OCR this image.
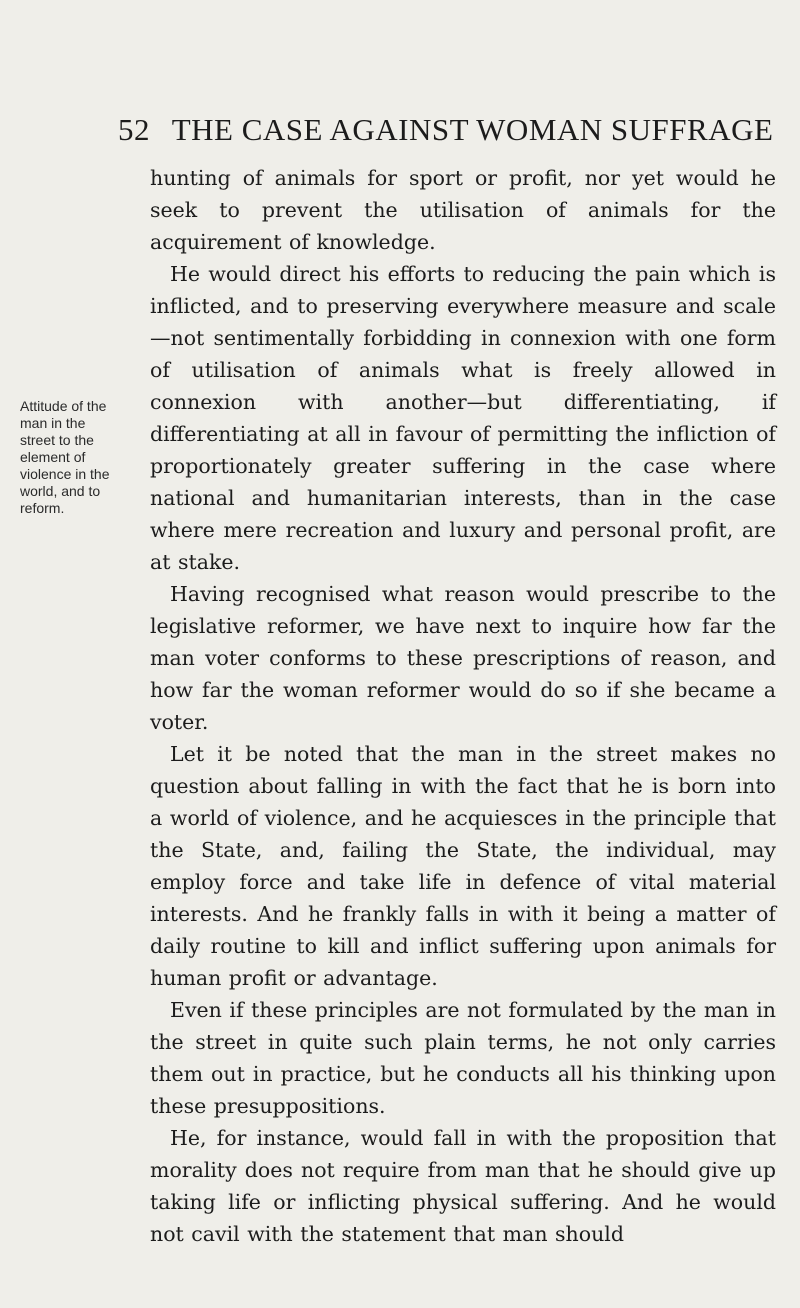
52 THE CASE AGAINST WOMAN SUFFRAGE
Attitude of the man in the street to the element of violence in the world, and to reform.

hunting of animals for sport or profit, nor yet would he seek to prevent the utilisation of animals for the acquirement of knowledge.

He would direct his efforts to reducing the pain which is inflicted, and to preserving everywhere measure and scale—not sentimentally forbidding in connexion with one form of utilisation of animals what is freely allowed in connexion with another—but differentiating, if differentiating at all in favour of permitting the infliction of proportionately greater suffering in the case where national and humanitarian interests, than in the case where mere recreation and luxury and personal profit, are at stake.

Having recognised what reason would prescribe to the legislative reformer, we have next to inquire how far the man voter conforms to these prescriptions of reason, and how far the woman reformer would do so if she became a voter.

Let it be noted that the man in the street makes no question about falling in with the fact that he is born into a world of violence, and he acquiesces in the principle that the State, and, failing the State, the individual, may employ force and take life in defence of vital material interests. And he frankly falls in with it being a matter of daily routine to kill and inflict suffering upon animals for human profit or advantage.

Even if these principles are not formulated by the man in the street in quite such plain terms, he not only carries them out in practice, but he conducts all his thinking upon these presuppositions.

He, for instance, would fall in with the proposition that morality does not require from man that he should give up taking life or inflicting physical suffering. And he would not cavil with the statement that man should
